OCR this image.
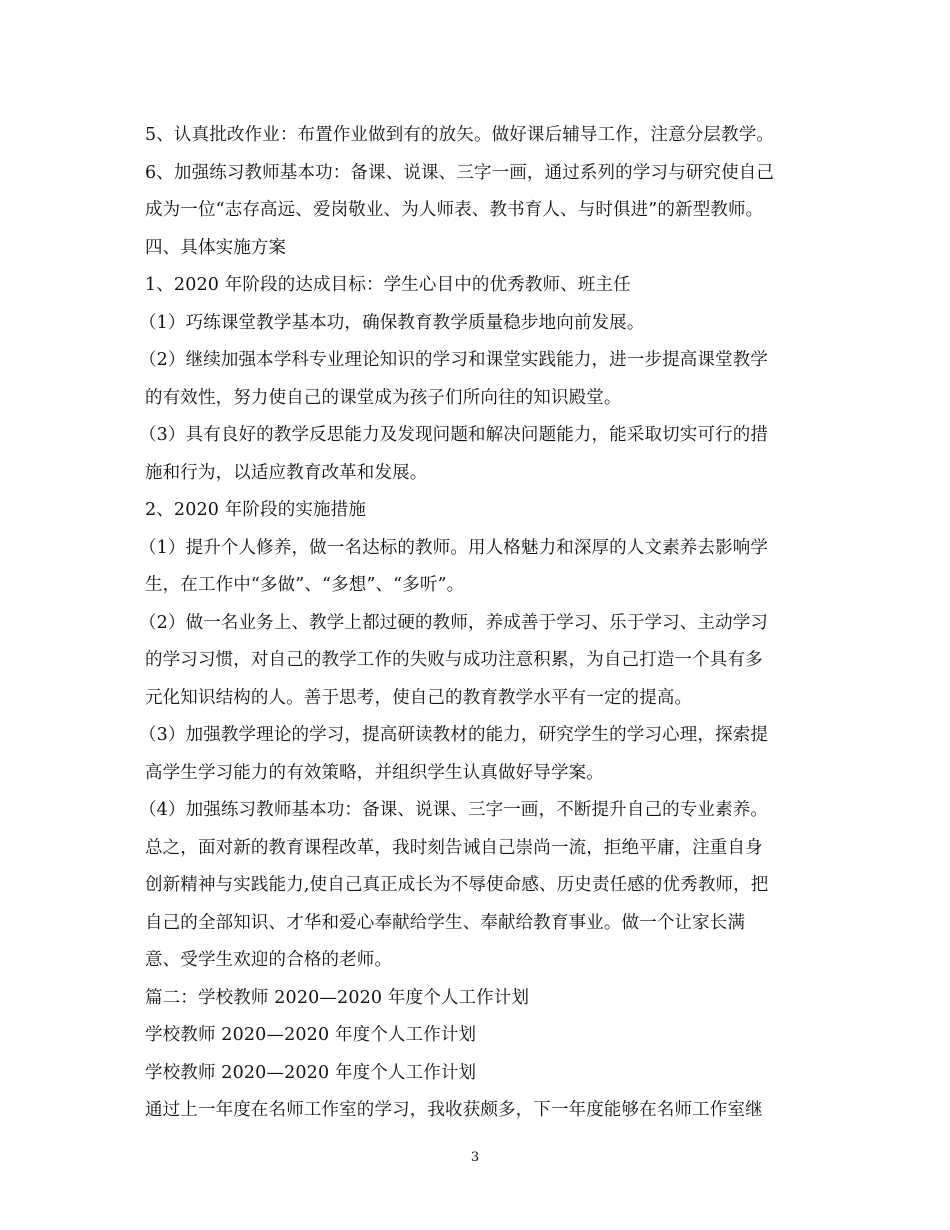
5、认真批改作业：布置作业做到有的放矢。做好课后辅导工作，注意分层教学。
6、加强练习教师基本功：备课、说课、三字一画，通过系列的学习与研究使自己
成为一位“志存高远、爱岗敬业、为人师表、教书育人、与时俱进”的新型教师。
四、具体实施方案
1、2020 年阶段的达成目标：学生心目中的优秀教师、班主任
（1）巧练课堂教学基本功，确保教育教学质量稳步地向前发展。
（2）继续加强本学科专业理论知识的学习和课堂实践能力，进一步提高课堂教学
的有效性，努力使自己的课堂成为孩子们所向往的知识殿堂。
（3）具有良好的教学反思能力及发现问题和解决问题能力，能采取切实可行的措
施和行为，以适应教育改革和发展。
2、2020 年阶段的实施措施
（1）提升个人修养，做一名达标的教师。用人格魅力和深厚的人文素养去影响学
生，在工作中“多做”、“多想”、“多听”。
（2）做一名业务上、教学上都过硬的教师，养成善于学习、乐于学习、主动学习
的学习习惯，对自己的教学工作的失败与成功注意积累，为自己打造一个具有多
元化知识结构的人。善于思考，使自己的教育教学水平有一定的提高。
（3）加强教学理论的学习，提高研读教材的能力，研究学生的学习心理，探索提
高学生学习能力的有效策略，并组织学生认真做好导学案。
（4）加强练习教师基本功：备课、说课、三字一画，不断提升自己的专业素养。
总之，面对新的教育课程改革，我时刻告诫自己崇尚一流，拒绝平庸，注重自身
创新精神与实践能力,使自己真正成长为不辱使命感、历史责任感的优秀教师，把
自己的全部知识、才华和爱心奉献给学生、奉献给教育事业。做一个让家长满
意、受学生欢迎的合格的老师。
篇二：学校教师 2020—2020 年度个人工作计划
学校教师 2020—2020 年度个人工作计划
学校教师 2020—2020 年度个人工作计划
通过上一年度在名师工作室的学习，我收获颇多，下一年度能够在名师工作室继
3
